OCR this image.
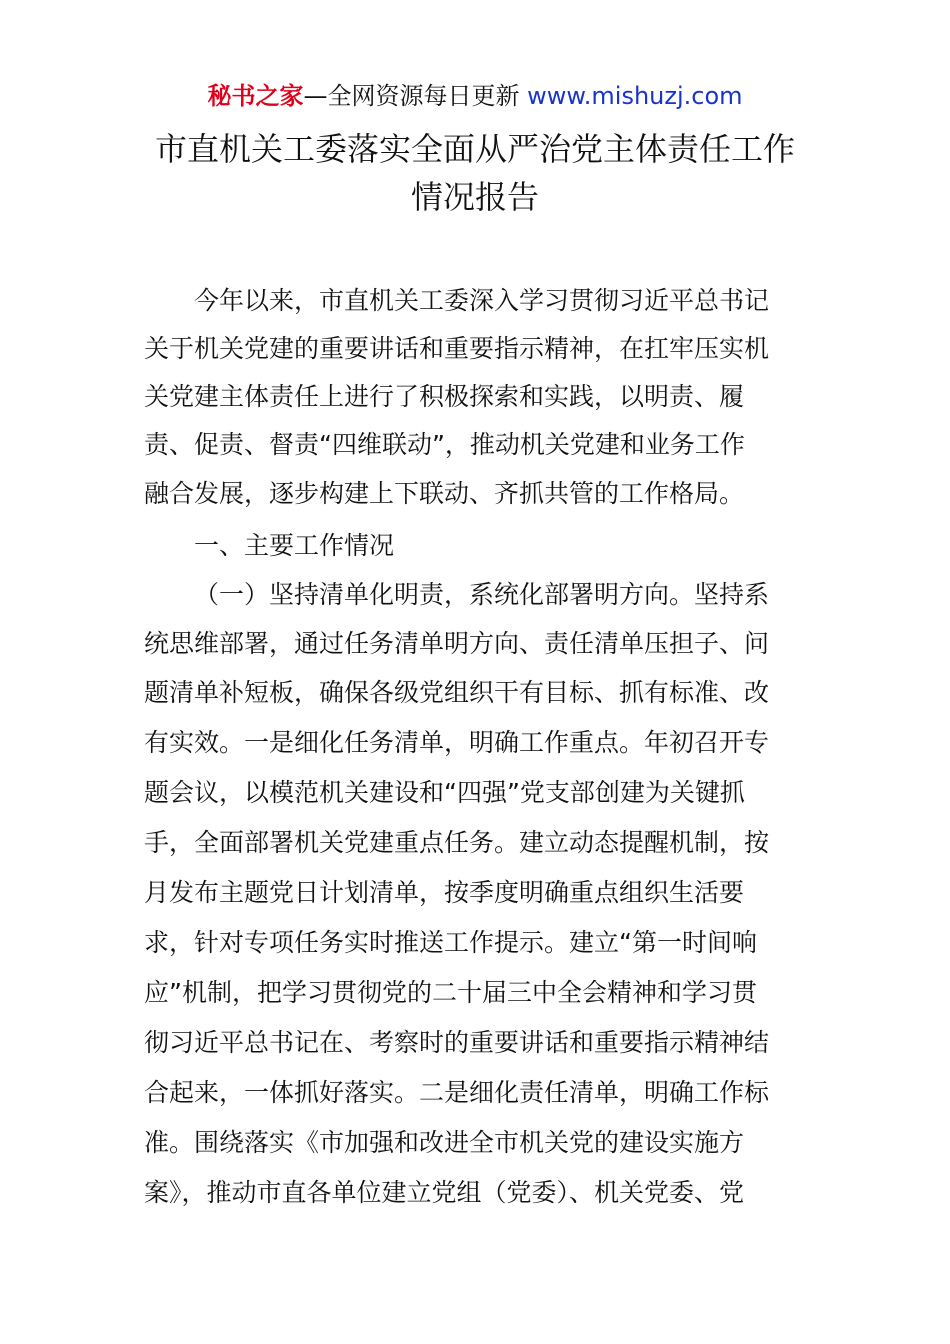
秘书之家—全网资源每日更新 www.mishuzj.com
市直机关工委落实全面从严治党主体责任工作
情况报告
今年以来，市直机关工委深入学习贯彻习近平总书记
关于机关党建的重要讲话和重要指示精神，在扛牢压实机
关党建主体责任上进行了积极探索和实践，以明责、履
责、促责、督责“四维联动”，推动机关党建和业务工作
融合发展，逐步构建上下联动、齐抓共管的工作格局。
一、主要工作情况
（一）坚持清单化明责，系统化部署明方向。坚持系
统思维部署，通过任务清单明方向、责任清单压担子、问
题清单补短板，确保各级党组织干有目标、抓有标准、改
有实效。一是细化任务清单，明确工作重点。年初召开专
题会议，以模范机关建设和“四强”党支部创建为关键抓
手，全面部署机关党建重点任务。建立动态提醒机制，按
月发布主题党日计划清单，按季度明确重点组织生活要
求，针对专项任务实时推送工作提示。建立“第一时间响
应”机制，把学习贯彻党的二十届三中全会精神和学习贯
彻习近平总书记在、考察时的重要讲话和重要指示精神结
合起来，一体抓好落实。二是细化责任清单，明确工作标
准。围绕落实《市加强和改进全市机关党的建设实施方
案》，推动市直各单位建立党组（党委）、机关党委、党
